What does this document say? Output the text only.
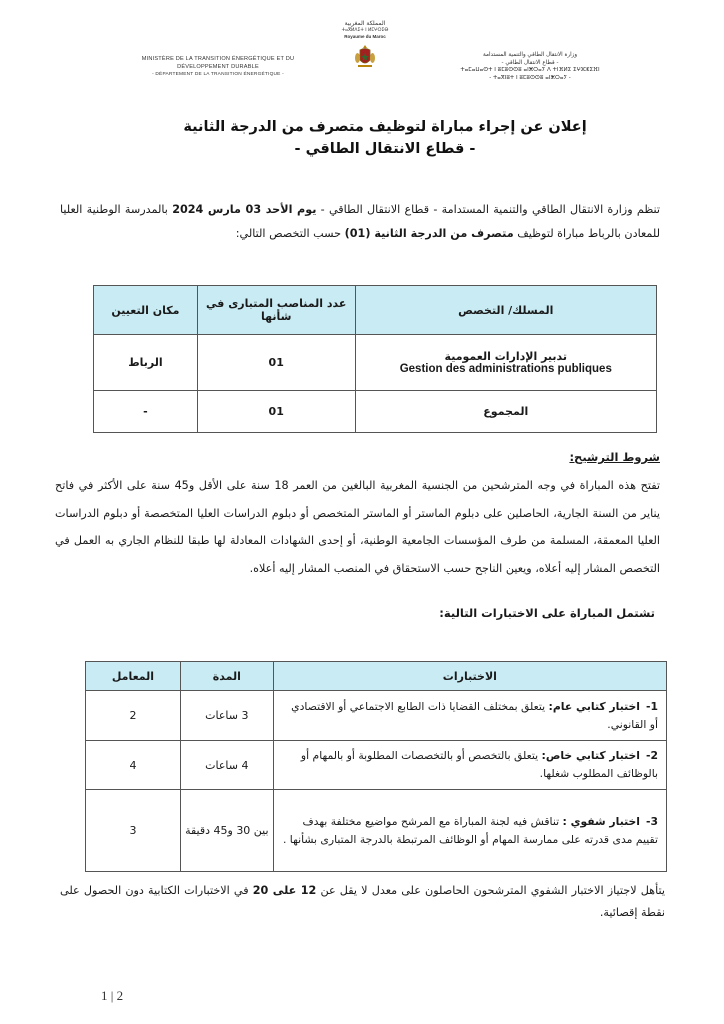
MINISTÈRE DE LA TRANSITION ÉNERGÉTIQUE ET DU DÉVELOPPEMENT DURABLE
- DÉPARTEMENT DE LA TRANSITION ÉNERGÉTIQUE -
المملكة المغربية
ⵜⴰⴳⵍⴷⵉⵜ ⵏ ⵍⵎⵖⵔⵉⴱ
Royaume du Maroc
وزارة الانتقال الطاقي والتنمية المستدامة
- قطاع الانتقال الطاقي -
ⵜⴰⵎⴰⵡⴰⵙⵜ ⵏ ⵓⵎⵓⵙⵙⵓ ⴰⵏⵥⵔⴰⵢ ⴷ ⵜⵏⴼⵍⵉ ⵉⵖⵣⵣⵉⴼⵏ
- ⵜⴰⴳⵏⵓⵜ ⵏ ⵓⵎⵓⵙⵙⵓ ⴰⵏⵥⵔⴰⵢ -
إعلان عن إجراء مباراة لتوظيف متصرف من الدرجة الثانية
- قطاع الانتقال الطاقي -
تنظم وزارة الانتقال الطاقي والتنمية المستدامة - قطاع الانتقال الطاقي - يوم الأحد 03 مارس 2024 بالمدرسة الوطنية العليا للمعادن بالرباط مباراة لتوظيف متصرف من الدرجة الثانية (01) حسب التخصص التالي:
المسلك/ التخصص	عدد المناصب المتبارى في شأنها	مكان التعيين

تدبير الإدارات العمومية
Gestion des administrations publiques	01	الرباط
المجموع	01	-
شروط الترشيح:
تفتح هذه المباراة في وجه المترشحين من الجنسية المغربية البالغين من العمر 18 سنة على الأقل و45 سنة على الأكثر في فاتح يناير من السنة الجارية، الحاصلين على دبلوم الماستر أو الماستر المتخصص أو دبلوم الدراسات العليا المتخصصة أو دبلوم الدراسات العليا المعمقة، المسلمة من طرف المؤسسات الجامعية الوطنية، أو إحدى الشهادات المعادلة لها طبقا للنظام الجاري به العمل في التخصص المشار إليه أعلاه، ويعين الناجح حسب الاستحقاق في المنصب المشار إليه أعلاه.
تشتمل المباراة على الاختبارات التالية:
الاختبارات	المدة	المعامل
1-اختبار كتابي عام: يتعلق بمختلف القضايا ذات الطابع الاجتماعي أو الاقتصادي أو القانوني.	3 ساعات	2
2-اختبار كتابي خاص: يتعلق بالتخصص أو بالتخصصات المطلوبة أو بالمهام أو بالوظائف المطلوب شغلها.	4 ساعات	4
3-اختبار شفوي : تناقش فيه لجنة المباراة مع المرشح مواضيع مختلفة بهدف تقييم مدى قدرته على ممارسة المهام أو الوظائف المرتبطة بالدرجة المتبارى بشأنها .	بين 30 و45 دقيقة	3
يتأهل لاجتياز الاختبار الشفوي المترشحون الحاصلون على معدل لا يقل عن 12 على 20 في الاختبارات الكتابية دون الحصول على نقطة إقصائية.
1 | 2
